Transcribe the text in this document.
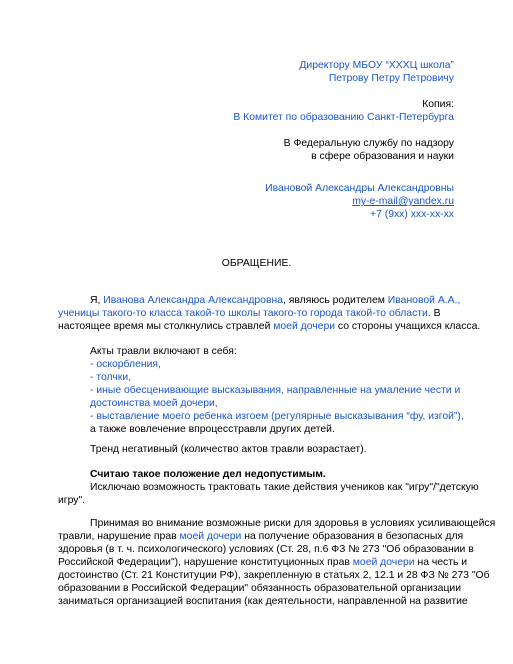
Директору МБОУ “ХХХЦ школа”
Петрову Петру Петровичу
Копия:
В Комитет по образованию Санкт-Петербурга
В Федеральную службу по надзору
в сфере образования и науки
Ивановой Александры Александровны
my-e-mail@yandex.ru
+7 (9хх) ххх-хх-хх
ОБРАЩЕНИЕ.
Я, Иванова Александра Александровна, являюсь родителем Ивановой А.А.,
ученицы такого-то класса такой-то школы такого-то города такой-то области. В
настоящее время мы столкнулись стравлей моей дочери со стороны учащихся класса.
Акты травли включают в себя:
- оскорбления,
- толчки,
- иные обесценивающие высказывания, направленные на умаление чести и
достоинства моей дочери,
- выставление моего ребенка изгоем (регулярные высказывания “фу, изгой”),
а также вовлечение впроцесстравли других детей.
Тренд негативный (количество актов травли возрастает).
Считаю такое положение дел недопустимым.
Исключаю возможность трактовать такие действия учеников как "игру"/"детскую
игру".
Принимая во внимание возможные риски для здоровья в условиях усиливающейся
травли, нарушение прав моей дочери на получение образования в безопасных для
здоровья (в т. ч. психологического) условиях (Ст. 28, п.6 ФЗ № 273 "Об образовании в
Российской Федерации"), нарушение конституционных прав моей дочери на честь и
достоинство (Ст. 21 Конституции РФ), закрепленную в статьях 2, 12.1 и 28 ФЗ № 273 "Об
образовании в Российской Федерации" обязанность образовательной организации
заниматься организацией воспитания (как деятельности, направленной на развитие
